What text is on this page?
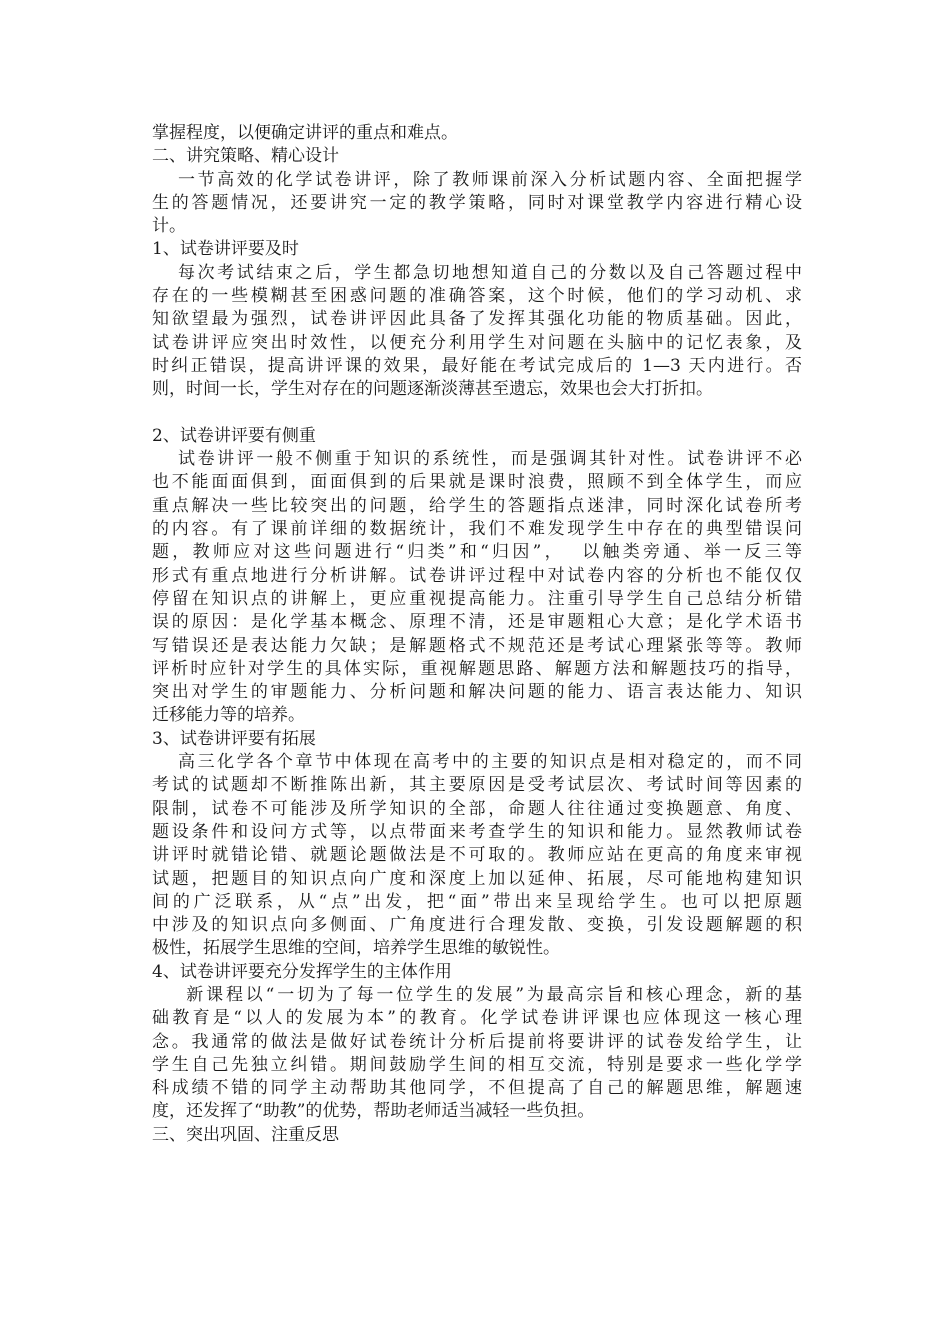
掌握程度，以便确定讲评的重点和难点。
二、讲究策略、精心设计
一节高效的化学试卷讲评，除了教师课前深入分析试题内容、全面把握学
生的答题情况，还要讲究一定的教学策略，同时对课堂教学内容进行精心设
计。
1、试卷讲评要及时
每次考试结束之后，学生都急切地想知道自己的分数以及自己答题过程中
存在的一些模糊甚至困惑问题的准确答案，这个时候，他们的学习动机、求
知欲望最为强烈，试卷讲评因此具备了发挥其强化功能的物质基础。因此，
试卷讲评应突出时效性，以便充分利用学生对问题在头脑中的记忆表象，及
时纠正错误，提高讲评课的效果，最好能在考试完成后的 1—3 天内进行。否
则，时间一长，学生对存在的问题逐渐淡薄甚至遗忘，效果也会大打折扣。
2、试卷讲评要有侧重
试卷讲评一般不侧重于知识的系统性，而是强调其针对性。试卷讲评不必
也不能面面俱到，面面俱到的后果就是课时浪费，照顾不到全体学生，而应
重点解决一些比较突出的问题，给学生的答题指点迷津，同时深化试卷所考
的内容。有了课前详细的数据统计，我们不难发现学生中存在的典型错误问
题，教师应对这些问题进行“归类”和“归因”，  以触类旁通、举一反三等
形式有重点地进行分析讲解。试卷讲评过程中对试卷内容的分析也不能仅仅
停留在知识点的讲解上，更应重视提高能力。注重引导学生自己总结分析错
误的原因：是化学基本概念、原理不清，还是审题粗心大意；是化学术语书
写错误还是表达能力欠缺；是解题格式不规范还是考试心理紧张等等。教师
评析时应针对学生的具体实际，重视解题思路、解题方法和解题技巧的指导，
突出对学生的审题能力、分析问题和解决问题的能力、语言表达能力、知识
迁移能力等的培养。
3、试卷讲评要有拓展
高三化学各个章节中体现在高考中的主要的知识点是相对稳定的，而不同
考试的试题却不断推陈出新，其主要原因是受考试层次、考试时间等因素的
限制，试卷不可能涉及所学知识的全部，命题人往往通过变换题意、角度、
题设条件和设问方式等，以点带面来考查学生的知识和能力。显然教师试卷
讲评时就错论错、就题论题做法是不可取的。教师应站在更高的角度来审视
试题，把题目的知识点向广度和深度上加以延伸、拓展，尽可能地构建知识
间的广泛联系，从“点”出发，把“面”带出来呈现给学生。也可以把原题
中涉及的知识点向多侧面、广角度进行合理发散、变换，引发设题解题的积
极性，拓展学生思维的空间，培养学生思维的敏锐性。
4、试卷讲评要充分发挥学生的主体作用
新课程以“一切为了每一位学生的发展”为最高宗旨和核心理念，新的基
础教育是“以人的发展为本”的教育。化学试卷讲评课也应体现这一核心理
念。我通常的做法是做好试卷统计分析后提前将要讲评的试卷发给学生，让
学生自己先独立纠错。期间鼓励学生间的相互交流，特别是要求一些化学学
科成绩不错的同学主动帮助其他同学，不但提高了自己的解题思维，解题速
度，还发挥了“助教”的优势，帮助老师适当减轻一些负担。
三、突出巩固、注重反思
